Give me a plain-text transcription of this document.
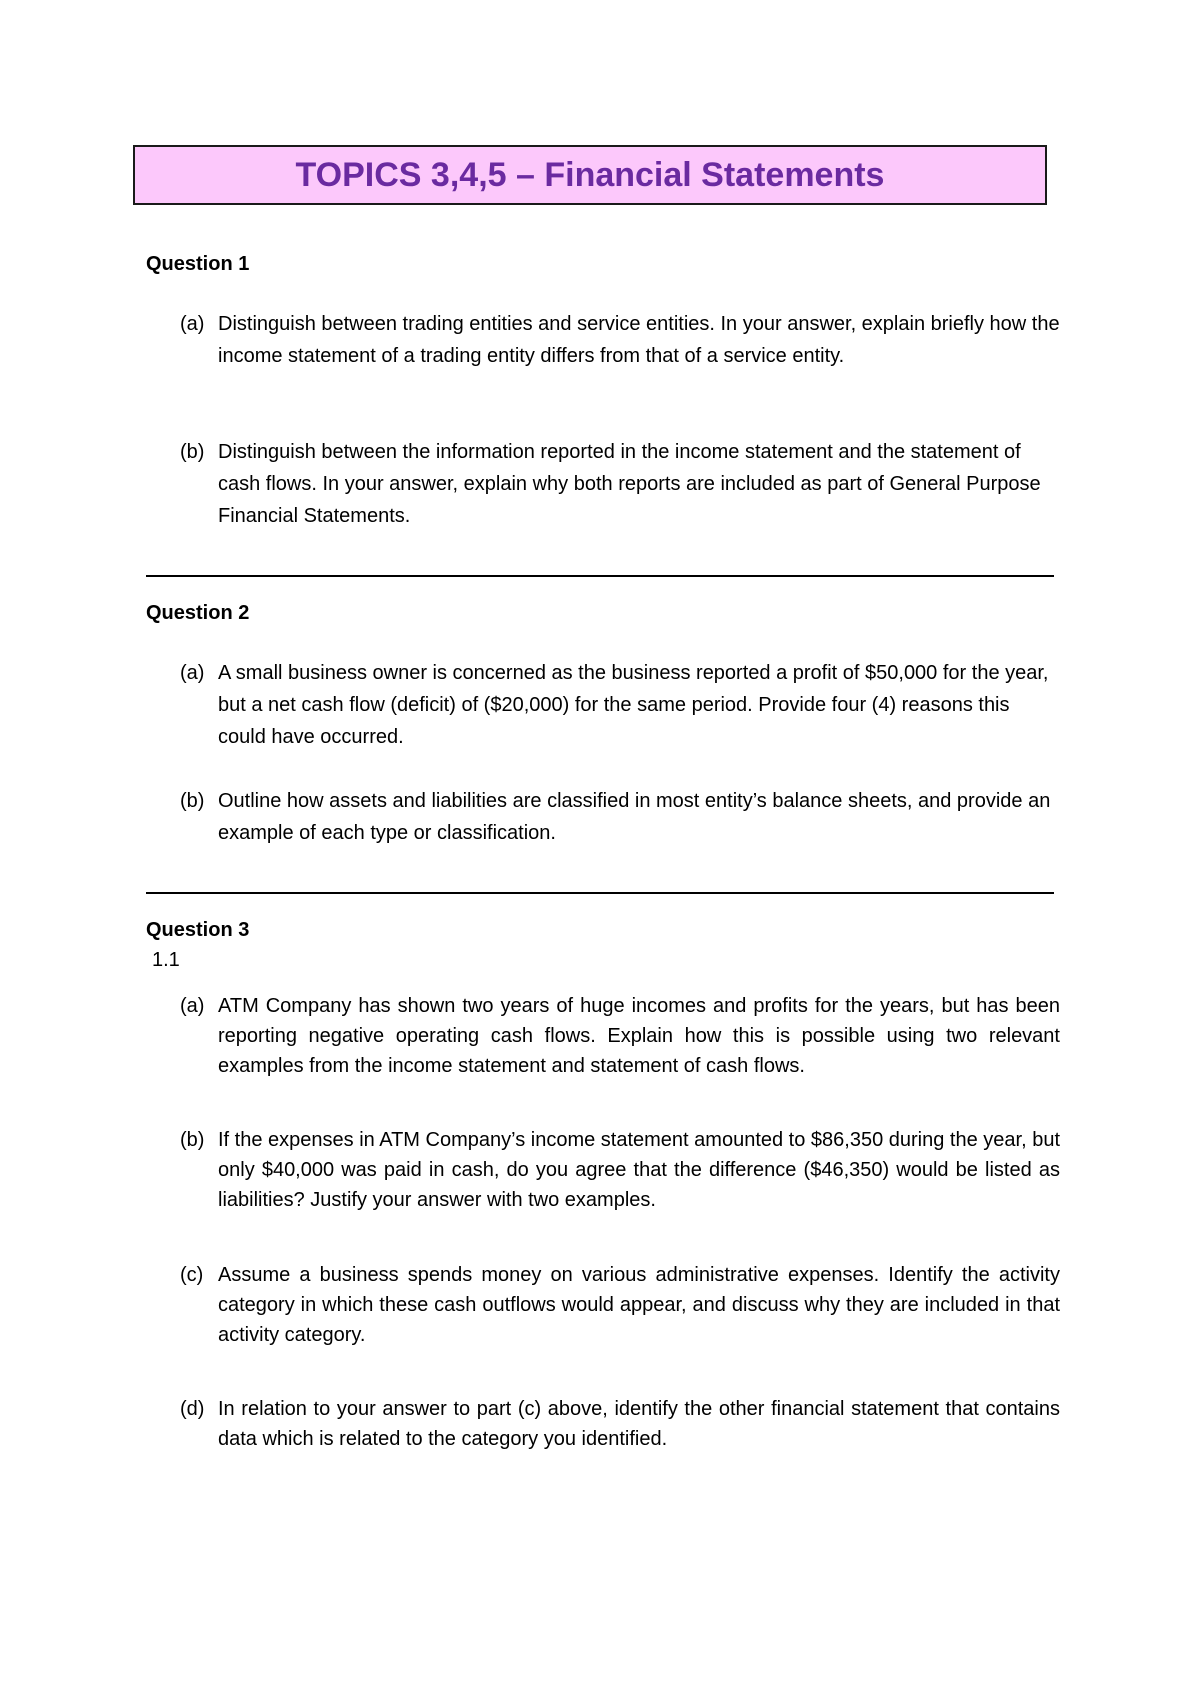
TOPICS 3,4,5 – Financial Statements
Question 1
(a) Distinguish between trading entities and service entities. In your answer, explain briefly how the income statement of a trading entity differs from that of a service entity.
(b) Distinguish between the information reported in the income statement and the statement of cash flows. In your answer, explain why both reports are included as part of General Purpose Financial Statements.
Question 2
(a) A small business owner is concerned as the business reported a profit of $50,000 for the year, but a net cash flow (deficit) of ($20,000) for the same period. Provide four (4) reasons this could have occurred.
(b) Outline how assets and liabilities are classified in most entity’s balance sheets, and provide an example of each type or classification.
Question 3
1.1
(a) ATM Company has shown two years of huge incomes and profits for the years, but has been reporting negative operating cash flows. Explain how this is possible using two relevant examples from the income statement and statement of cash flows.
(b) If the expenses in ATM Company’s income statement amounted to $86,350 during the year, but only $40,000 was paid in cash, do you agree that the difference ($46,350) would be listed as liabilities? Justify your answer with two examples.
(c) Assume a business spends money on various administrative expenses. Identify the activity category in which these cash outflows would appear, and discuss why they are included in that activity category.
(d) In relation to your answer to part (c) above, identify the other financial statement that contains data which is related to the category you identified.
